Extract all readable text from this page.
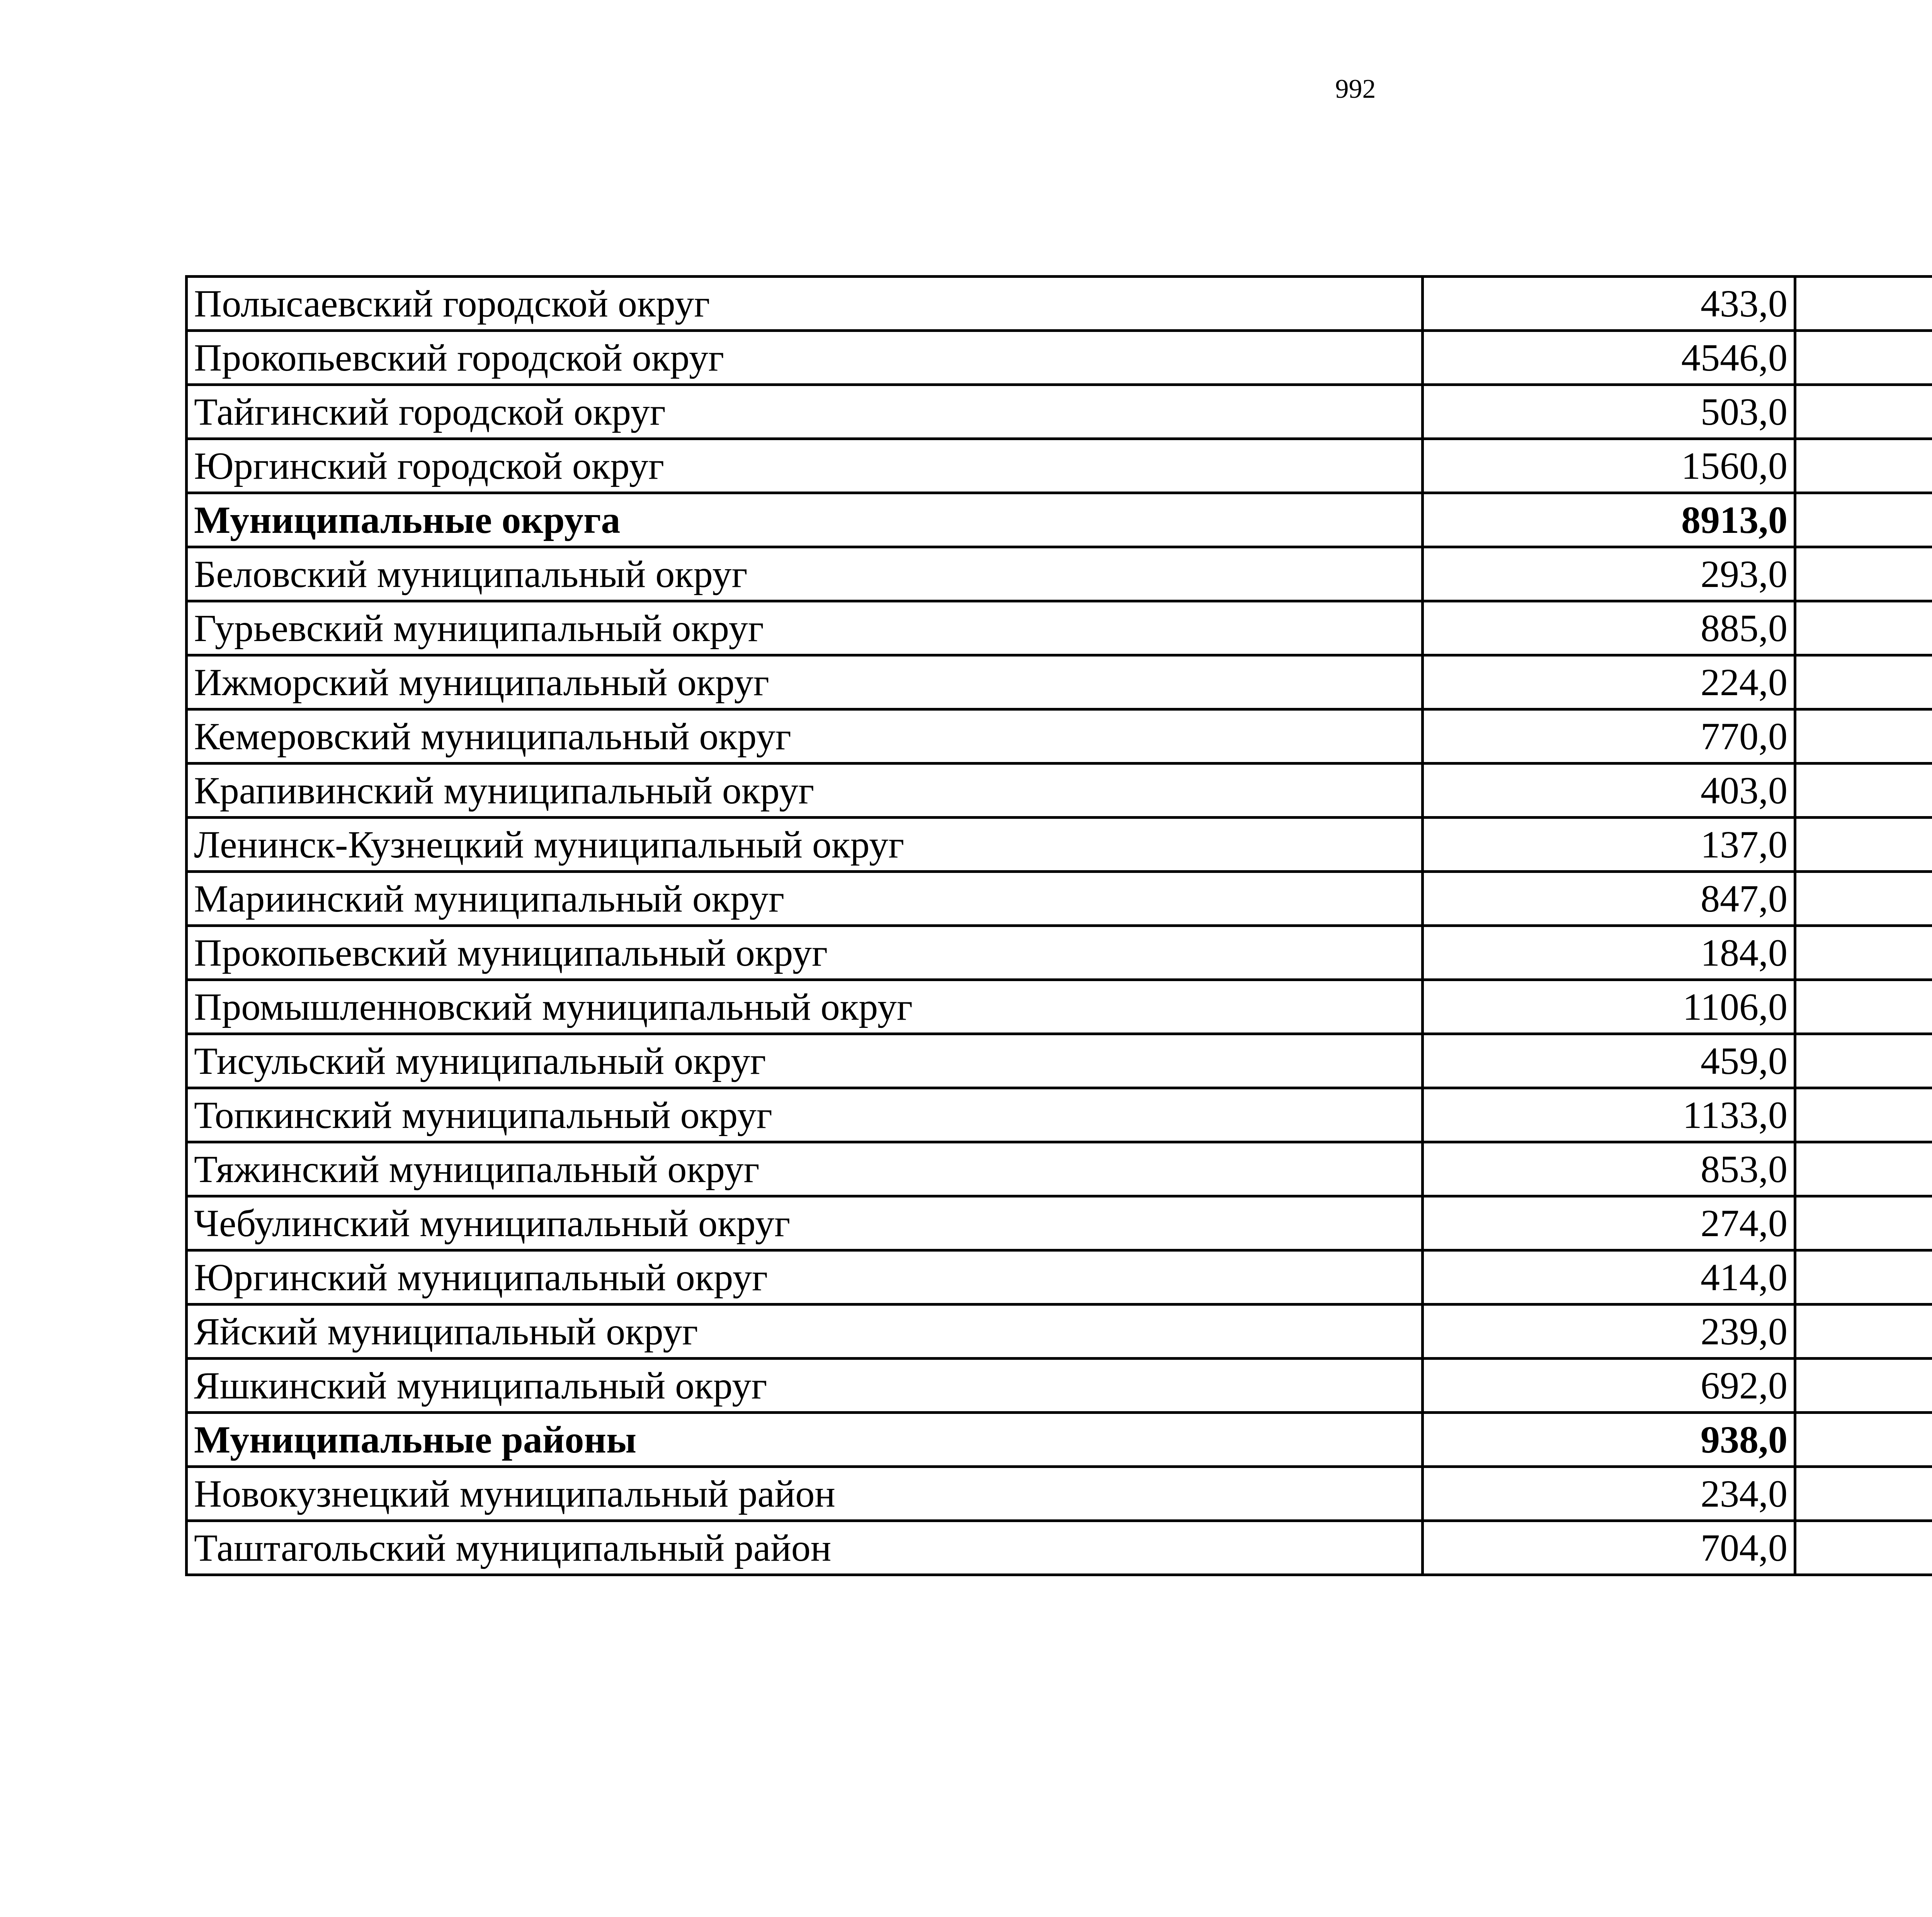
992
Полысаевский городской округ	433,0		
Прокопьевский городской округ	4546,0		
Тайгинский городской округ	503,0		
Юргинский городской округ	1560,0		
Муниципальные округа	8913,0		
Беловский муниципальный округ	293,0		
Гурьевский муниципальный округ	885,0		
Ижморский муниципальный округ	224,0		
Кемеровский муниципальный округ	770,0		
Крапивинский муниципальный округ	403,0		
Ленинск-Кузнецкий муниципальный округ	137,0		
Мариинский муниципальный округ	847,0		
Прокопьевский муниципальный округ	184,0		
Промышленновский муниципальный округ	1106,0		
Тисульский муниципальный округ	459,0		
Топкинский муниципальный округ	1133,0		
Тяжинский муниципальный округ	853,0		
Чебулинский муниципальный округ	274,0		
Юргинский муниципальный округ	414,0		
Яйский муниципальный округ	239,0		
Яшкинский муниципальный округ	692,0		
Муниципальные районы	938,0		
Новокузнецкий муниципальный район	234,0		
Таштагольский муниципальный район	704,0		
